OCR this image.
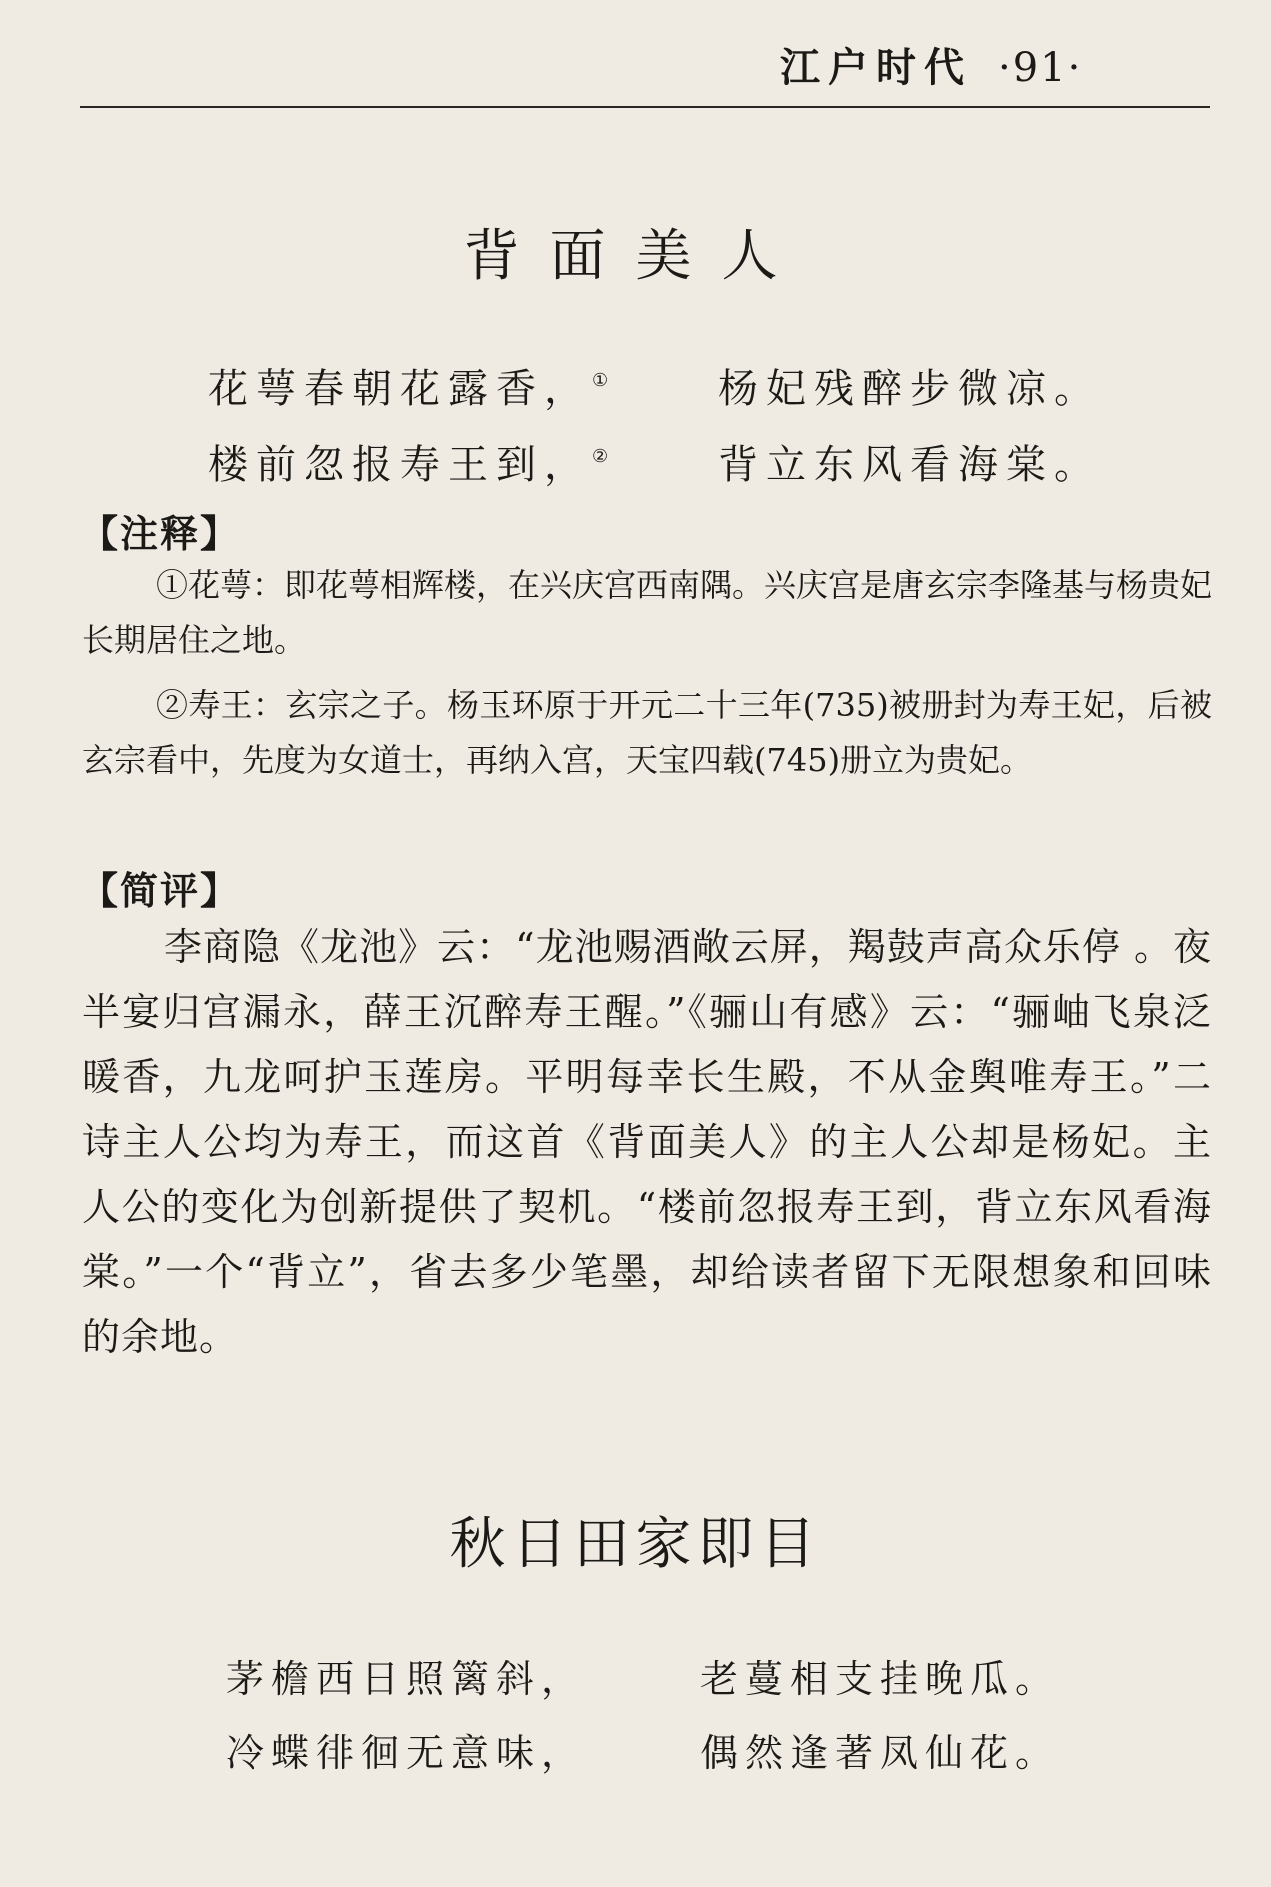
江户时代 ·91·
背面美人
花萼春朝花露香，①	杨妃残醉步微凉。
楼前忽报寿王到，②	背立东风看海棠。
【注释】

①花萼：即花萼相辉楼，在兴庆宫西南隅。兴庆宫是唐玄宗李隆基与杨贵妃长期居住之地。

②寿王：玄宗之子。杨玉环原于开元二十三年(735)被册封为寿王妃，后被玄宗看中，先度为女道士，再纳入宫，天宝四载(745)册立为贵妃。

【简评】

李商隐《龙池》云：“龙池赐酒敞云屏，羯鼓声高众乐停 。夜半宴归宫漏永，薛王沉醉寿王醒。”《骊山有感》云：“骊岫飞泉泛暖香，九龙呵护玉莲房。平明每幸长生殿，不从金舆唯寿王。”二诗主人公均为寿王，而这首《背面美人》的主人公却是杨妃。主人公的变化为创新提供了契机。“楼前忽报寿王到，背立东风看海棠。”一个“背立”，省去多少笔墨，却给读者留下无限想象和回味的余地。

秋日田家即目
茅檐西日照篱斜，	老蔓相支挂晚瓜。
冷蝶徘徊无意味，	偶然逢著凤仙花。
